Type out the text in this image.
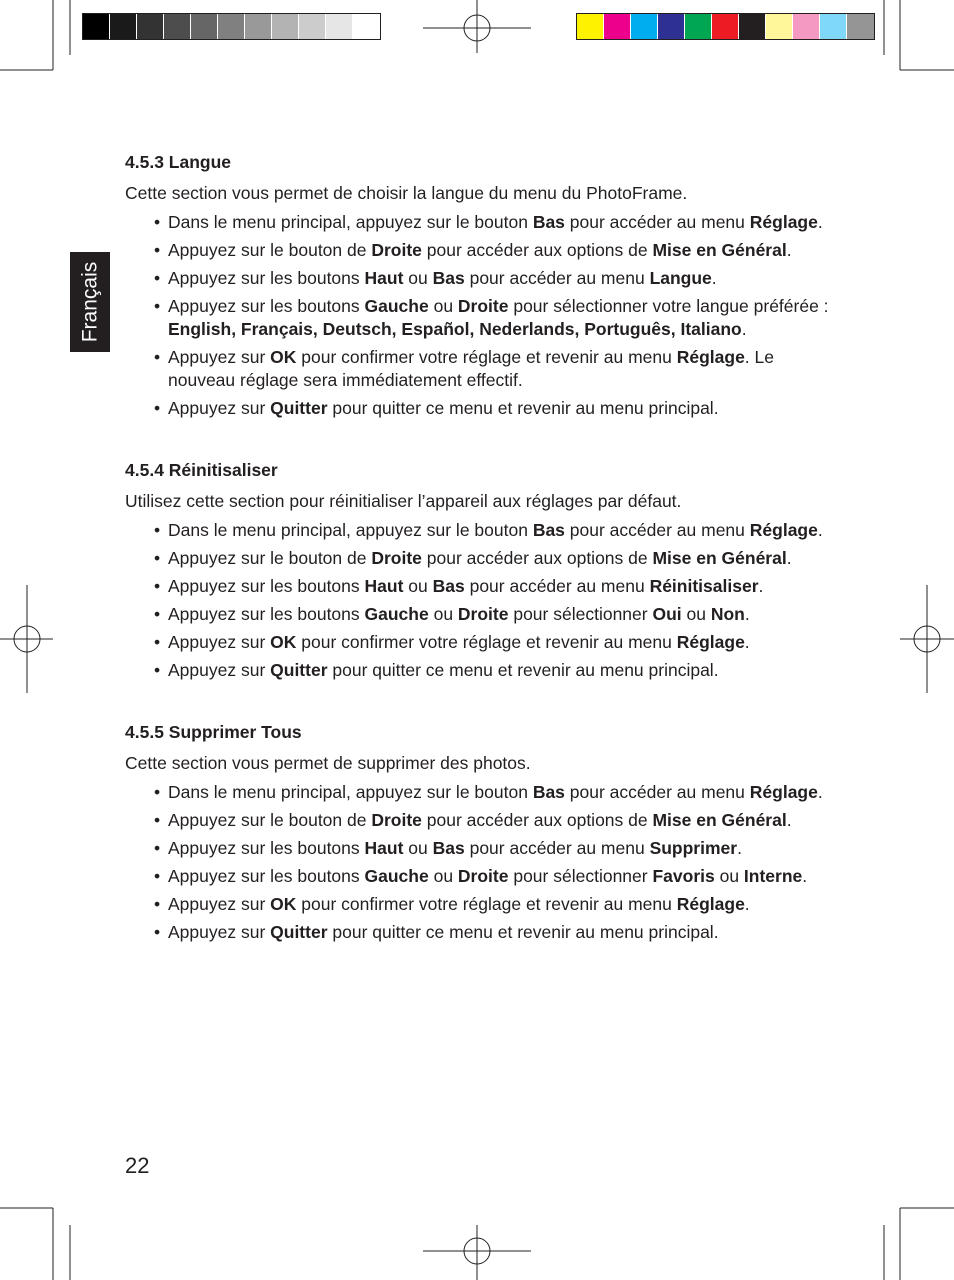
Français
4.5.3 Langue
Cette section vous permet de choisir la langue du menu du PhotoFrame.
• Dans le menu principal, appuyez sur le bouton Bas pour accéder au menu Réglage.
• Appuyez sur le bouton de Droite pour accéder aux options de Mise en Général.
• Appuyez sur les boutons Haut ou Bas pour accéder au menu Langue.
• Appuyez sur les boutons Gauche ou Droite pour sélectionner votre langue préférée : English, Français, Deutsch, Español, Nederlands, Português, Italiano.
• Appuyez sur OK pour confirmer votre réglage et revenir au menu Réglage. Le nouveau réglage sera immédiatement effectif.
• Appuyez sur Quitter pour quitter ce menu et revenir au menu principal.
4.5.4 Réinitisaliser
Utilisez cette section pour réinitialiser l’appareil aux réglages par défaut.
• Dans le menu principal, appuyez sur le bouton Bas pour accéder au menu Réglage.
• Appuyez sur le bouton de Droite pour accéder aux options de Mise en Général.
• Appuyez sur les boutons Haut ou Bas pour accéder au menu Réinitisaliser.
• Appuyez sur les boutons Gauche ou Droite pour sélectionner Oui ou Non.
• Appuyez sur OK pour confirmer votre réglage et revenir au menu Réglage.
• Appuyez sur Quitter pour quitter ce menu et revenir au menu principal.
4.5.5 Supprimer Tous
Cette section vous permet de supprimer des photos.
• Dans le menu principal, appuyez sur le bouton Bas pour accéder au menu Réglage.
• Appuyez sur le bouton de Droite pour accéder aux options de Mise en Général.
• Appuyez sur les boutons Haut ou Bas pour accéder au menu Supprimer.
• Appuyez sur les boutons Gauche ou Droite pour sélectionner Favoris ou Interne.
• Appuyez sur OK pour confirmer votre réglage et revenir au menu Réglage.
• Appuyez sur Quitter pour quitter ce menu et revenir au menu principal.
22
